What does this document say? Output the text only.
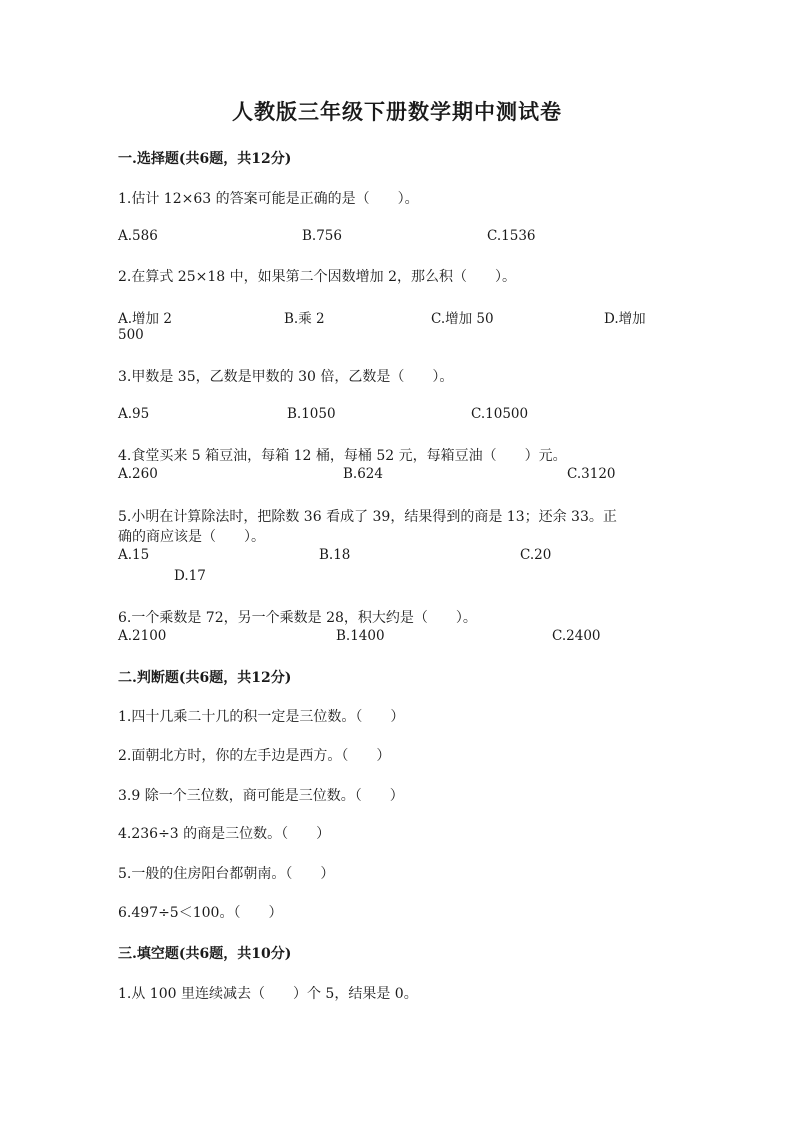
人教版三年级下册数学期中测试卷
一.选择题(共6题，共12分)
1.估计 12×63 的答案可能是正确的是（　　）。
A.586	B.756	C.1536
2.在算式 25×18 中，如果第二个因数增加 2，那么积（　　）。
A.增加 2	B.乘 2	C.增加 50	D.增加
500
3.甲数是 35，乙数是甲数的 30 倍，乙数是（　　）。
A.95	B.1050	C.10500
4.食堂买来 5 箱豆油，每箱 12 桶，每桶 52 元，每箱豆油（　　）元。
A.260	B.624	C.3120
5.小明在计算除法时，把除数 36 看成了 39，结果得到的商是 13；还余 33。正
确的商应该是（　　）。
A.15	B.18	C.20
D.17
6.一个乘数是 72，另一个乘数是 28，积大约是（　　）。
A.2100	B.1400	C.2400
二.判断题(共6题，共12分)
1.四十几乘二十几的积一定是三位数。（　　）
2.面朝北方时，你的左手边是西方。（　　）
3.9 除一个三位数，商可能是三位数。（　　）
4.236÷3 的商是三位数。（　　）
5.一般的住房阳台都朝南。（　　）
6.497÷5＜100。（　　）
三.填空题(共6题，共10分)
1.从 100 里连续减去（　　）个 5，结果是 0。
